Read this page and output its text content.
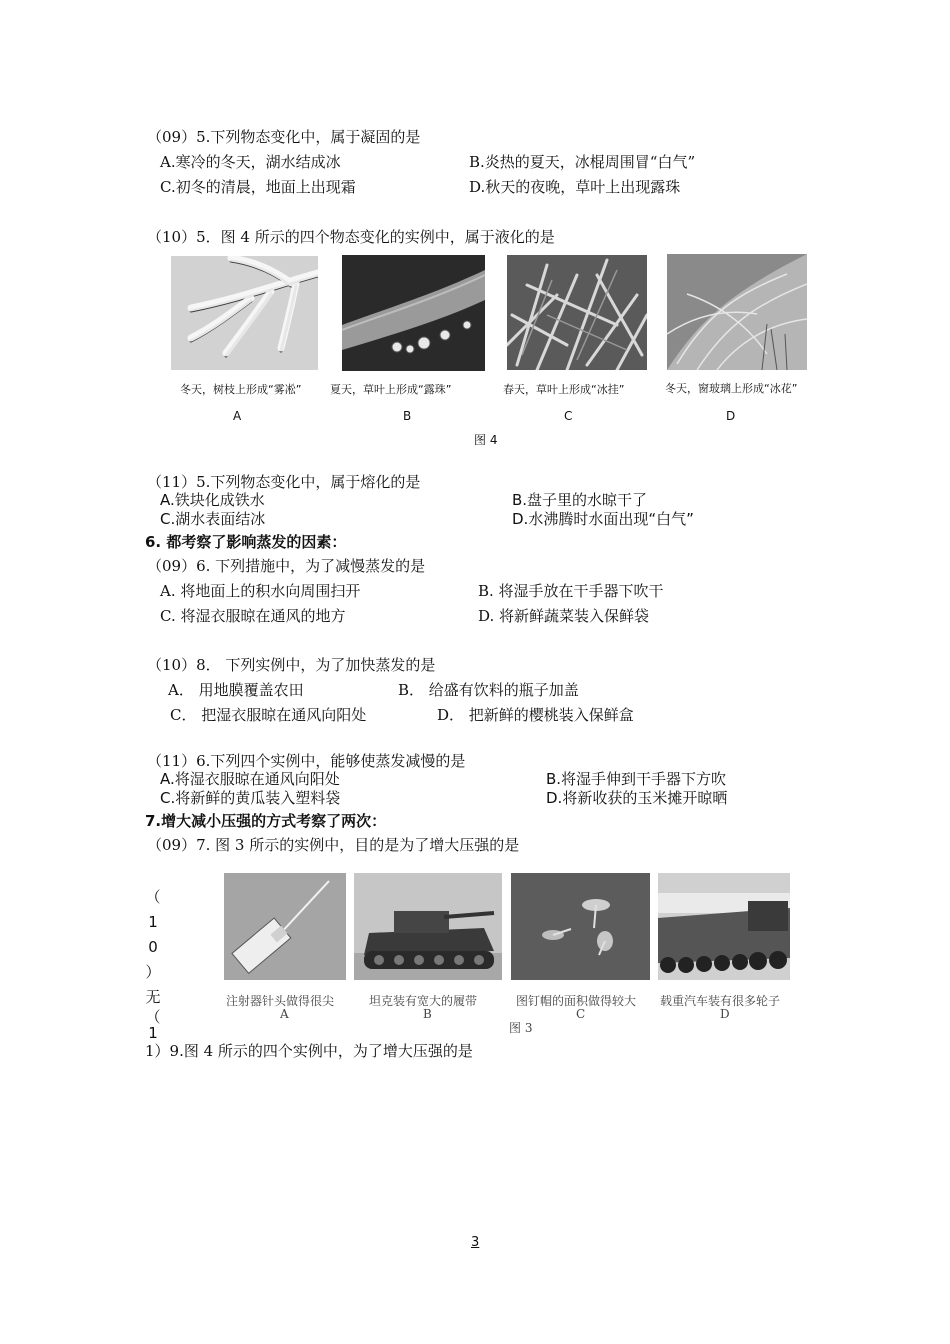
（09）5.下列物态变化中，属于凝固的是
A.寒冷的冬天，湖水结成冰	B.炎热的夏天，冰棍周围冒“白气”
C.初冬的清晨，地面上出现霜	D.秋天的夜晚，草叶上出现露珠
（10）5．图 4 所示的四个物态变化的实例中，属于液化的是
冬天，树枝上形成“雾凇”
A
夏天，草叶上形成“露珠”
B
春天，草叶上形成“冰挂”
C
冬天，窗玻璃上形成“冰花”
D
图 4
（11）5.下列物态变化中，属于熔化的是
A.铁块化成铁水	B.盘子里的水晾干了
C.湖水表面结冰	D.水沸腾时水面出现“白气”
6. 都考察了影响蒸发的因素：
（09）6. 下列措施中，为了减慢蒸发的是
A. 将地面上的积水向周围扫开	B. 将湿手放在干手器下吹干
C. 将湿衣服晾在通风的地方	D. 将新鲜蔬菜装入保鲜袋
（10）8． 下列实例中，为了加快蒸发的是
A． 用地膜覆盖农田	B． 给盛有饮料的瓶子加盖
C． 把湿衣服晾在通风向阳处	D． 把新鲜的樱桃装入保鲜盒
（11）6.下列四个实例中，能够使蒸发减慢的是
A.将湿衣服晾在通风向阳处	B.将湿手伸到干手器下方吹
C.将新鲜的黄瓜装入塑料袋	D.将新收获的玉米摊开晾晒
7.增大减小压强的方式考察了两次：
（09）7. 图 3 所示的实例中，目的是为了增大压强的是
（
1
0
）
无
（
1
注射器针头做得很尖
A
坦克装有宽大的履带
B
图钉帽的面积做得较大
C
载重汽车装有很多轮子
D
图 3
1）9.图 4 所示的四个实例中，为了增大压强的是
3
